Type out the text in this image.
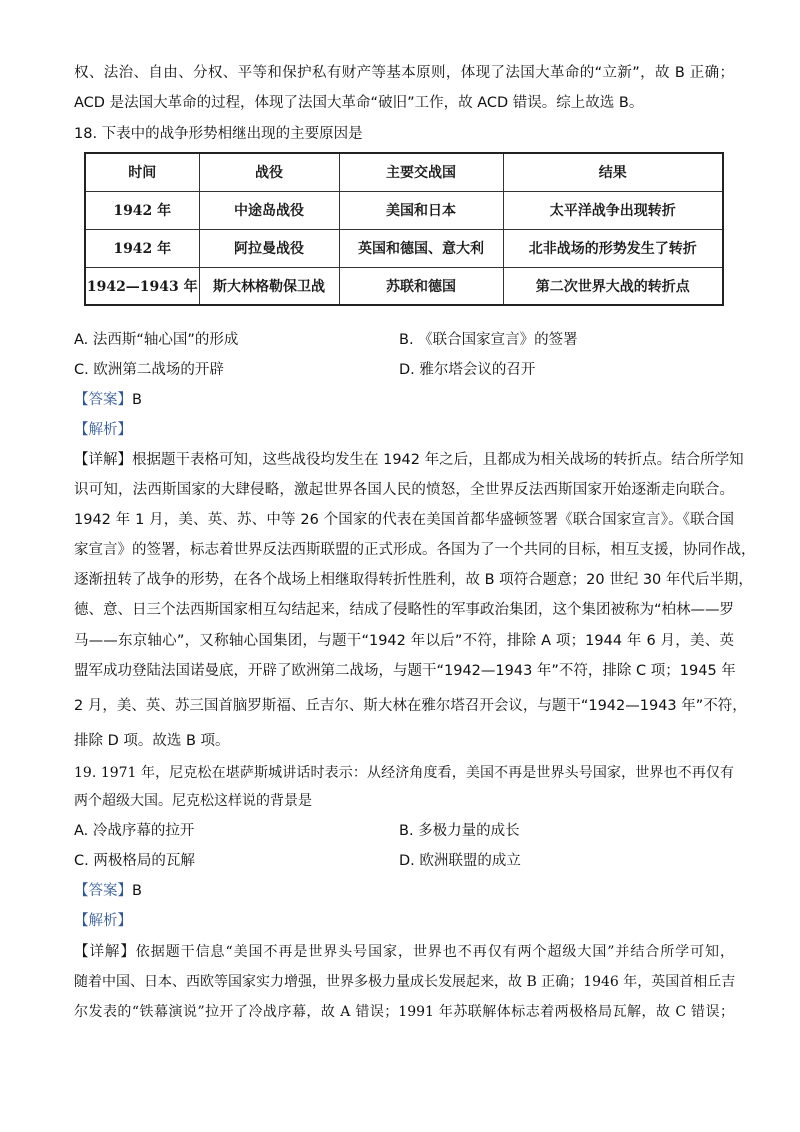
权、法治、自由、分权、平等和保护私有财产等基本原则，体现了法国大革命的“立新”，故 B 正确；
ACD 是法国大革命的过程，体现了法国大革命“破旧”工作，故 ACD 错误。综上故选 B。
18. 下表中的战争形势相继出现的主要原因是
时间	战役	主要交战国	结果
1942 年	中途岛战役	美国和日本	太平洋战争出现转折
1942 年	阿拉曼战役	英国和德国、意大利	北非战场的形势发生了转折
1942—1943 年	斯大林格勒保卫战	苏联和德国	第二次世界大战的转折点
A. 法西斯“轴心国”的形成	B. 《联合国家宣言》的签署
C. 欧洲第二战场的开辟	D. 雅尔塔会议的召开
【答案】B
【解析】
【详解】根据题干表格可知，这些战役均发生在 1942 年之后，且都成为相关战场的转折点。结合所学知
识可知，法西斯国家的大肆侵略，激起世界各国人民的愤怒，全世界反法西斯国家开始逐渐走向联合。
1942 年 1 月，美、英、苏、中等 26 个国家的代表在美国首都华盛顿签署《联合国家宣言》。《联合国
家宣言》的签署，标志着世界反法西斯联盟的正式形成。各国为了一个共同的目标，相互支援，协同作战，
逐渐扭转了战争的形势，在各个战场上相继取得转折性胜利，故 B 项符合题意；20 世纪 30 年代后半期，
德、意、日三个法西斯国家相互勾结起来，结成了侵略性的军事政治集团，这个集团被称为“柏林——罗
马——东京轴心”，又称轴心国集团，与题干“1942 年以后”不符，排除 A 项；1944 年 6 月，美、英
盟军成功登陆法国诺曼底，开辟了欧洲第二战场，与题干“1942—1943 年”不符，排除 C 项；1945 年
2 月，美、英、苏三国首脑罗斯福、丘吉尔、斯大林在雅尔塔召开会议，与题干“1942—1943 年”不符，
排除 D 项。故选 B 项。
19. 1971 年，尼克松在堪萨斯城讲话时表示：从经济角度看，美国不再是世界头号国家，世界也不再仅有
两个超级大国。尼克松这样说的背景是
A. 冷战序幕的拉开	B. 多极力量的成长
C. 两极格局的瓦解	D. 欧洲联盟的成立
【答案】B
【解析】
【详解】依据题干信息“美国不再是世界头号国家，世界也不再仅有两个超级大国”并结合所学可知，
随着中国、日本、西欧等国家实力增强，世界多极力量成长发展起来，故 B 正确；1946 年，英国首相丘吉
尔发表的“铁幕演说”拉开了冷战序幕，故 A 错误；1991 年苏联解体标志着两极格局瓦解，故 C 错误；
